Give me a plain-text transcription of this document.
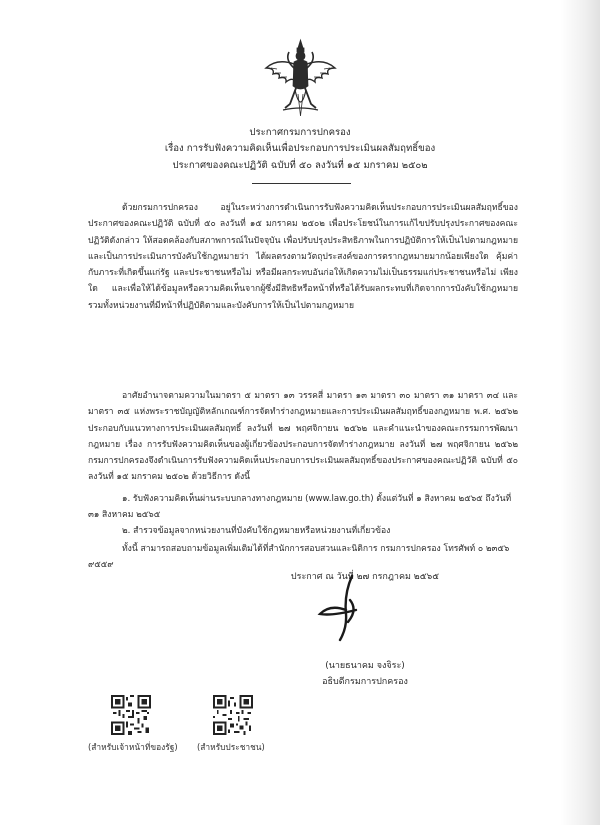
ประกาศกรมการปกครอง
เรื่อง การรับฟังความคิดเห็นเพื่อประกอบการประเมินผลสัมฤทธิ์ของ
ประกาศของคณะปฏิวัติ ฉบับที่ ๕๐ ลงวันที่ ๑๕ มกราคม ๒๕๐๒

ด้วยกรมการปกครอง อยู่ในระหว่างการดำเนินการรับฟังความคิดเห็นประกอบการประเมินผลสัมฤทธิ์ของประกาศของคณะปฏิวัติ ฉบับที่ ๕๐ ลงวันที่ ๑๕ มกราคม ๒๕๐๒ เพื่อประโยชน์ในการแก้ไขปรับปรุงประกาศของคณะปฏิวัติดังกล่าว ให้สอดคล้องกับสภาพการณ์ในปัจจุบัน เพื่อปรับปรุงประสิทธิภาพในการปฏิบัติการให้เป็นไปตามกฎหมาย และเป็นการประเมินการบังคับใช้กฎหมายว่า ได้ผลตรงตามวัตถุประสงค์ของการตรากฎหมายมากน้อยเพียงใด คุ้มค่ากับภาระที่เกิดขึ้นแก่รัฐ และประชาชนหรือไม่ หรือมีผลกระทบอันก่อให้เกิดความไม่เป็นธรรมแก่ประชาชนหรือไม่ เพียงใด และเพื่อให้ได้ข้อมูลหรือความคิดเห็นจากผู้ซึ่งมีสิทธิหรือหน้าที่หรือได้รับผลกระทบที่เกิดจากการบังคับใช้กฎหมาย รวมทั้งหน่วยงานที่มีหน้าที่ปฏิบัติตามและบังคับการให้เป็นไปตามกฎหมาย

อาศัยอำนาจตามความในมาตรา ๕ มาตรา ๑๓ วรรคสี่ มาตรา ๑๓ มาตรา ๓๐ มาตรา ๓๑ มาตรา ๓๔ และมาตรา ๓๕ แห่งพระราชบัญญัติหลักเกณฑ์การจัดทำร่างกฎหมายและการประเมินผลสัมฤทธิ์ของกฎหมาย พ.ศ. ๒๕๖๒ ประกอบกับแนวทางการประเมินผลสัมฤทธิ์ ลงวันที่ ๒๗ พฤศจิกายน ๒๕๖๒ และคำแนะนำของคณะกรรมการพัฒนากฎหมาย เรื่อง การรับฟังความคิดเห็นของผู้เกี่ยวข้องประกอบการจัดทำร่างกฎหมาย ลงวันที่ ๒๗ พฤศจิกายน ๒๕๖๒ กรมการปกครองจึงดำเนินการรับฟังความคิดเห็นประกอบการประเมินผลสัมฤทธิ์ของประกาศของคณะปฏิวัติ ฉบับที่ ๕๐ ลงวันที่ ๑๕ มกราคม ๒๕๐๒ ด้วยวิธีการ ดังนี้

๑. รับฟังความคิดเห็นผ่านระบบกลางทางกฎหมาย (www.law.go.th) ตั้งแต่วันที่ ๑ สิงหาคม ๒๕๖๕ ถึงวันที่ ๓๑ สิงหาคม ๒๕๖๕

๒. สำรวจข้อมูลจากหน่วยงานที่บังคับใช้กฎหมายหรือหน่วยงานที่เกี่ยวข้อง

ทั้งนี้ สามารถสอบถามข้อมูลเพิ่มเติมได้ที่สำนักการสอบสวนและนิติการ กรมการปกครอง โทรศัพท์ ๐ ๒๓๕๖ ๙๕๕๙

ประกาศ ณ วันที่ ๒๗ กรกฎาคม ๒๕๖๕
(นายธนาคม จงจิระ)
อธิบดีกรมการปกครอง
(สำหรับเจ้าหน้าที่ของรัฐ) (สำหรับประชาชน)
